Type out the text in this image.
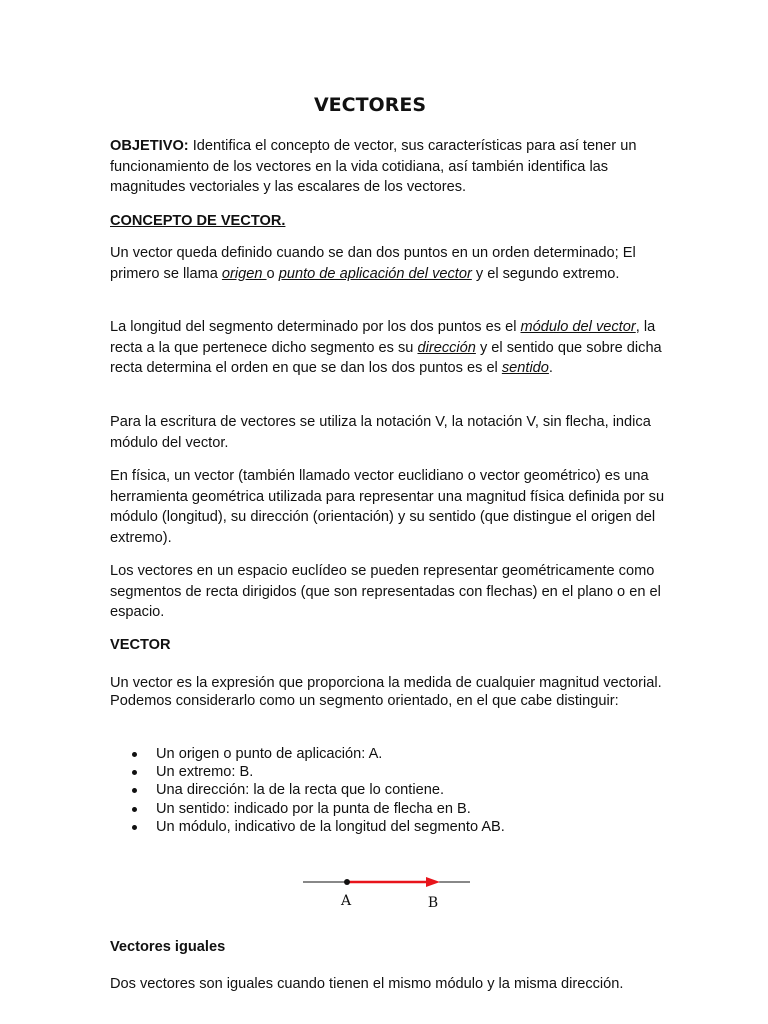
VECTORES

OBJETIVO: Identifica el concepto de vector, sus características para así tener un funcionamiento de los vectores en la vida cotidiana, así también identifica las magnitudes vectoriales y las escalares de los vectores.

CONCEPTO DE VECTOR.

Un vector queda definido cuando se dan dos puntos en un orden determinado; El primero se llama origen o punto de aplicación del vector y el segundo extremo.

La longitud del segmento determinado por los dos puntos es el módulo del vector, la recta a la que pertenece dicho segmento es su dirección y el sentido que sobre dicha recta determina el orden en que se dan los dos puntos es el sentido.

Para la escritura de vectores se utiliza la notación V, la notación V, sin flecha, indica módulo del vector.

En física, un vector (también llamado vector euclidiano o vector geométrico) es una herramienta geométrica utilizada para representar una magnitud física definida por su módulo (longitud), su dirección (orientación) y su sentido (que distingue el origen del extremo).

Los vectores en un espacio euclídeo se pueden representar geométricamente como segmentos de recta dirigidos (que son representadas con flechas) en el plano o en el espacio.

VECTOR

Un vector es la expresión que proporciona la medida de cualquier magnitud vectorial. Podemos considerarlo como un segmento orientado, en el que cabe distinguir:

Un origen o punto de aplicación: A.
Un extremo: B.
Una dirección: la de la recta que lo contiene.
Un sentido: indicado por la punta de flecha en B.
Un módulo, indicativo de la longitud del segmento AB.

Vectores iguales

Dos vectores son iguales cuando tienen el mismo módulo y la misma dirección.

A	B
